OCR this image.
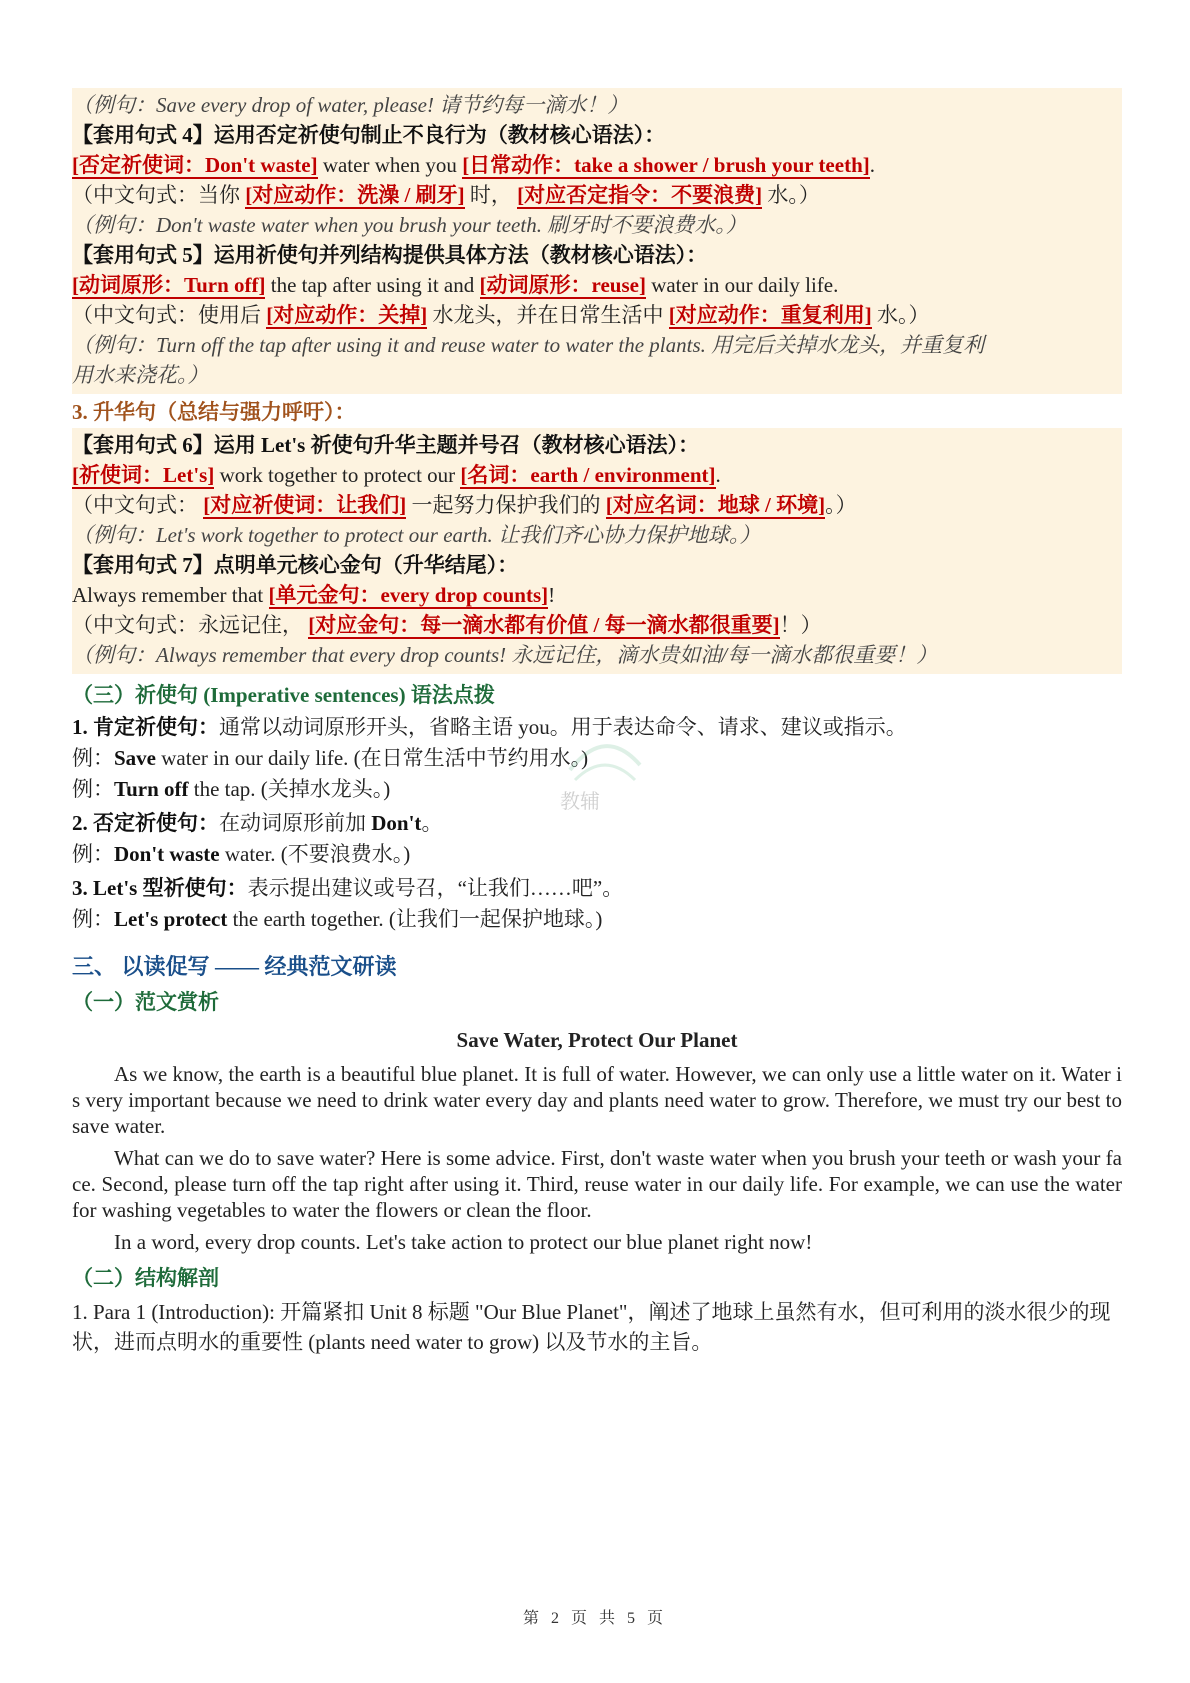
（例句：Save every drop of water, please! 请节约每一滴水！）
【套用句式 4】运用否定祈使句制止不良行为（教材核心语法）：
[否定祈使词：Don't waste] water when you [日常动作：take a shower / brush your teeth].
（中文句式：当你 [对应动作：洗澡 / 刷牙] 时， [对应否定指令：不要浪费] 水。）
（例句：Don't waste water when you brush your teeth. 刷牙时不要浪费水。）
【套用句式 5】运用祈使句并列结构提供具体方法（教材核心语法）：
[动词原形：Turn off] the tap after using it and [动词原形：reuse] water in our daily life.
（中文句式：使用后 [对应动作：关掉] 水龙头，并在日常生活中 [对应动作：重复利用] 水。）
（例句：Turn off the tap after using it and reuse water to water the plants. 用完后关掉水龙头，并重复利
用水来浇花。）
3. 升华句（总结与强力呼吁）：
【套用句式 6】运用 Let's 祈使句升华主题并号召（教材核心语法）：
[祈使词：Let's] work together to protect our [名词：earth / environment].
（中文句式： [对应祈使词：让我们] 一起努力保护我们的 [对应名词：地球 / 环境]。）
（例句：Let's work together to protect our earth. 让我们齐心协力保护地球。）
【套用句式 7】点明单元核心金句（升华结尾）：
Always remember that [单元金句：every drop counts]!
（中文句式：永远记住， [对应金句：每一滴水都有价值 / 每一滴水都很重要]！）
（例句：Always remember that every drop counts! 永远记住，滴水贵如油/每一滴水都很重要！）
（三）祈使句 (Imperative sentences) 语法点拨
1. 肯定祈使句：通常以动词原形开头，省略主语 you。用于表达命令、请求、建议或指示。
例：Save water in our daily life. (在日常生活中节约用水。)
例：Turn off the tap. (关掉水龙头。)
2. 否定祈使句：在动词原形前加 Don't。
例：Don't waste water. (不要浪费水。)
3. Let's 型祈使句：表示提出建议或号召，“让我们……吧”。
例：Let's protect the earth together. (让我们一起保护地球。)
三、 以读促写 —— 经典范文研读
（一）范文赏析
Save Water, Protect Our Planet
As we know, the earth is a beautiful blue planet. It is full of water. However, we can only use a little water on it. Water is very important because we need to drink water every day and plants need water to grow. Therefore, we must try our best to save water.
What can we do to save water? Here is some advice. First, don't waste water when you brush your teeth or wash your face. Second, please turn off the tap right after using it. Third, reuse water in our daily life. For example, we can use the water for washing vegetables to water the flowers or clean the floor.
In a word, every drop counts. Let's take action to protect our blue planet right now!
（二）结构解剖
1. Para 1 (Introduction): 开篇紧扣 Unit 8 标题 "Our Blue Planet"，阐述了地球上虽然有水，但可利用的淡水很少的现状，进而点明水的重要性 (plants need water to grow) 以及节水的主旨。
教辅
第 2 页 共 5 页
